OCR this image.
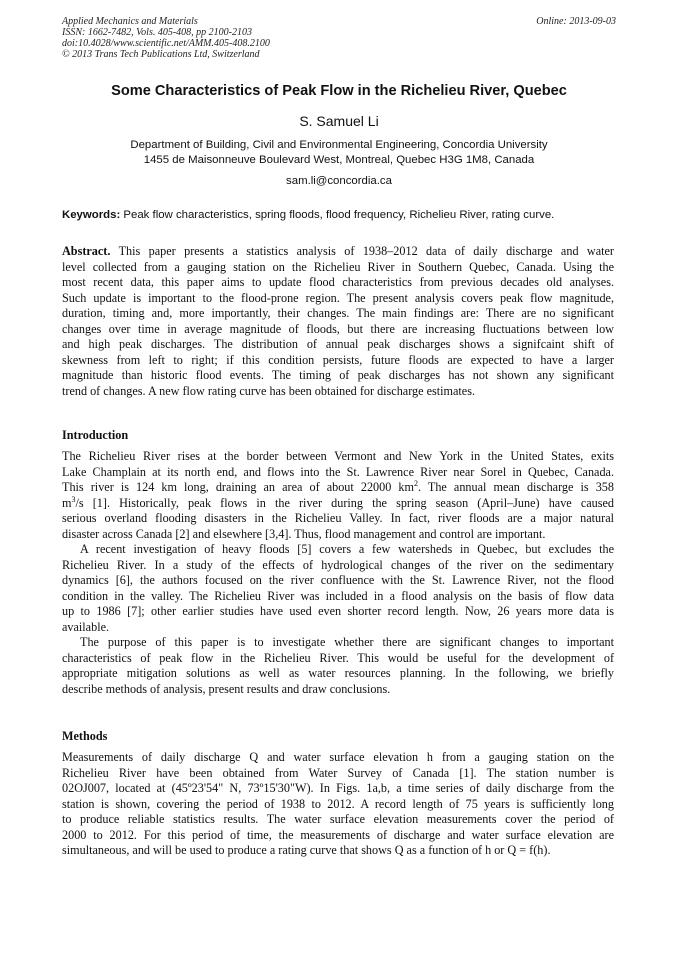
Applied Mechanics and Materials
ISSN: 1662-7482, Vols. 405-408, pp 2100-2103
doi:10.4028/www.scientific.net/AMM.405-408.2100
© 2013 Trans Tech Publications Ltd, Switzerland
Online: 2013-09-03
Some Characteristics of Peak Flow in the Richelieu River, Quebec
S. Samuel Li
Department of Building, Civil and Environmental Engineering, Concordia University
1455 de Maisonneuve Boulevard West, Montreal, Quebec H3G 1M8, Canada
sam.li@concordia.ca
Keywords: Peak flow characteristics, spring floods, flood frequency, Richelieu River, rating curve.
Abstract. This paper presents a statistics analysis of 1938–2012 data of daily discharge and water
level collected from a gauging station on the Richelieu River in Southern Quebec, Canada. Using the
most recent data, this paper aims to update flood characteristics from previous decades old analyses.
Such update is important to the flood-prone region. The present analysis covers peak flow magnitude,
duration, timing and, more importantly, their changes. The main findings are: There are no significant
changes over time in average magnitude of floods, but there are increasing fluctuations between low
and high peak discharges. The distribution of annual peak discharges shows a signifcaint shift of
skewness from left to right; if this condition persists, future floods are expected to have a larger
magnitude than historic flood events. The timing of peak discharges has not shown any significant
trend of changes. A new flow rating curve has been obtained for discharge estimates.
Introduction
The Richelieu River rises at the border between Vermont and New York in the United States, exits
Lake Champlain at its north end, and flows into the St. Lawrence River near Sorel in Quebec, Canada.
This river is 124 km long, draining an area of about 22000 $km^2$. The annual mean discharge is 358
$m^3/s$ [1]. Historically, peak flows in the river during the spring season (April–June) have caused
serious overland flooding disasters in the Richelieu Valley. In fact, river floods are a major natural
disaster across Canada [2] and elsewhere [3,4]. Thus, flood management and control are important.
A recent investigation of heavy floods [5] covers a few watersheds in Quebec, but excludes the
Richelieu River. In a study of the effects of hydrological changes of the river on the sedimentary
dynamics [6], the authors focused on the river confluence with the St. Lawrence River, not the flood
condition in the valley. The Richelieu River was included in a flood analysis on the basis of flow data
up to 1986 [7]; other earlier studies have used even shorter record length. Now, 26 years more data is
available.
The purpose of this paper is to investigate whether there are significant changes to important
characteristics of peak flow in the Richelieu River. This would be useful for the development of
appropriate mitigation solutions as well as water resources planning. In the following, we briefly
describe methods of analysis, present results and draw conclusions.
Methods
Measurements of daily discharge Q and water surface elevation h from a gauging station on the
Richelieu River have been obtained from Water Survey of Canada [1]. The station number is
02OJ007, located at (45º23'54" N, 73º15'30"W). In Figs. 1a,b, a time series of daily discharge from the
station is shown, covering the period of 1938 to 2012. A record length of 75 years is sufficiently long
to produce reliable statistics results. The water surface elevation measurements cover the period of
2000 to 2012. For this period of time, the measurements of discharge and water surface elevation are
simultaneous, and will be used to produce a rating curve that shows Q as a function of h or Q = f(h).
